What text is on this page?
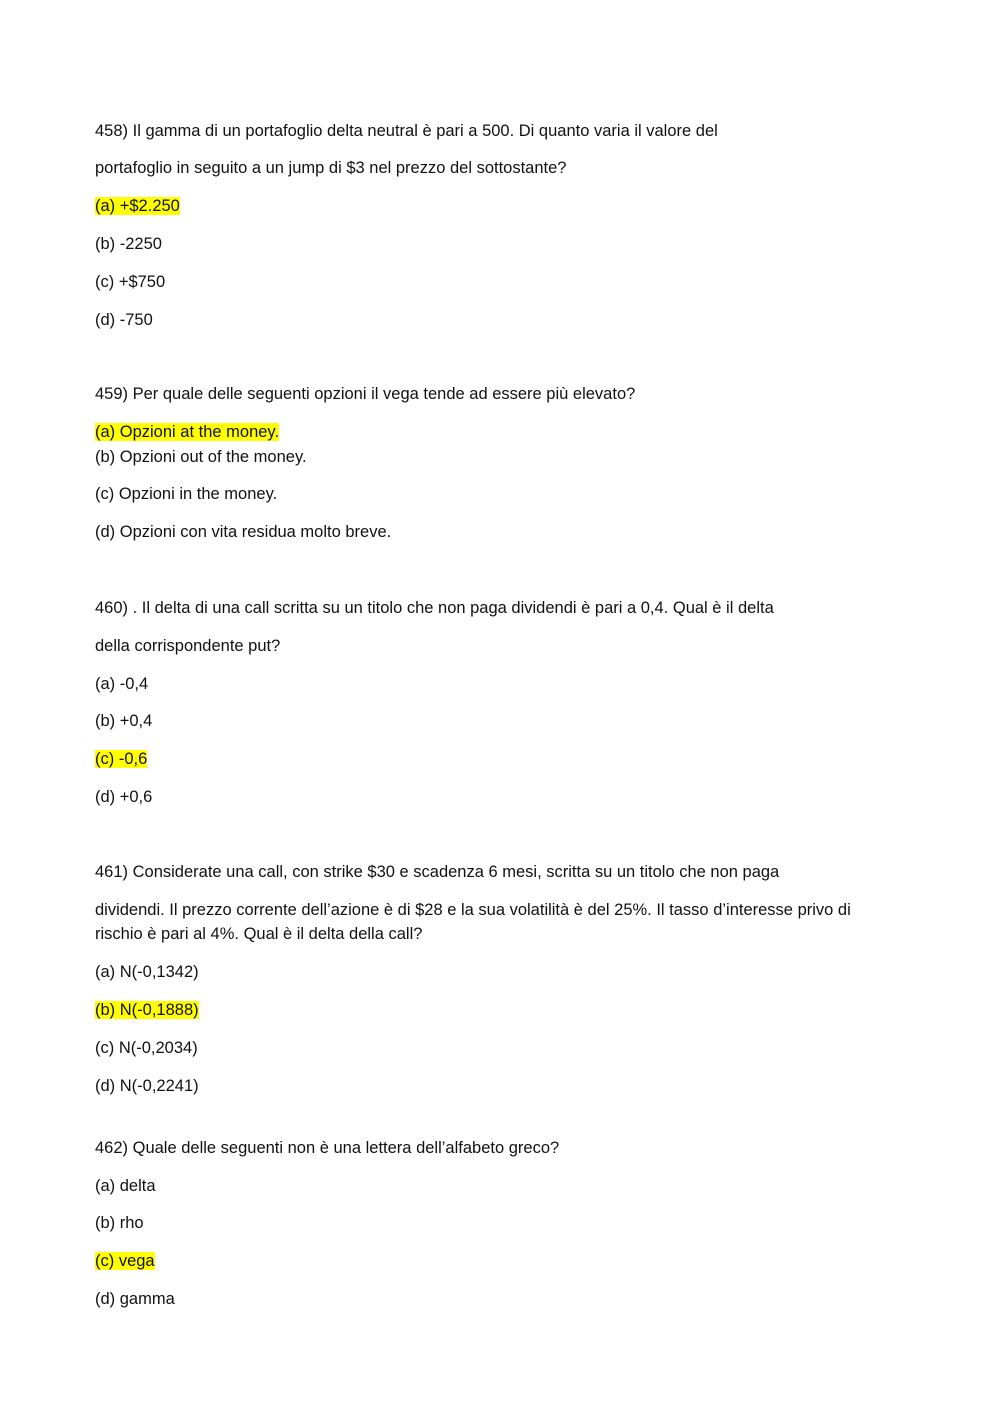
458) Il gamma di un portafoglio delta neutral è pari a 500. Di quanto varia il valore del
portafoglio in seguito a un jump di $3 nel prezzo del sottostante?
(a) +$2.250
(b) -2250
(c) +$750
(d) -750
459) Per quale delle seguenti opzioni il vega tende ad essere più elevato?
(a) Opzioni at the money.
(b) Opzioni out of the money.
(c) Opzioni in the money.
(d) Opzioni con vita residua molto breve.
460) . Il delta di una call scritta su un titolo che non paga dividendi è pari a 0,4. Qual è il delta
della corrispondente put?
(a) -0,4
(b) +0,4
(c) -0,6
(d) +0,6
461) Considerate una call, con strike $30 e scadenza 6 mesi, scritta su un titolo che non paga
dividendi. Il prezzo corrente dell’azione è di $28 e la sua volatilità è del 25%. Il tasso d’interesse privo di
rischio è pari al 4%. Qual è il delta della call?
(a) N(-0,1342)
(b) N(-0,1888)
(c) N(-0,2034)
(d) N(-0,2241)
462) Quale delle seguenti non è una lettera dell’alfabeto greco?
(a) delta
(b) rho
(c) vega
(d) gamma
